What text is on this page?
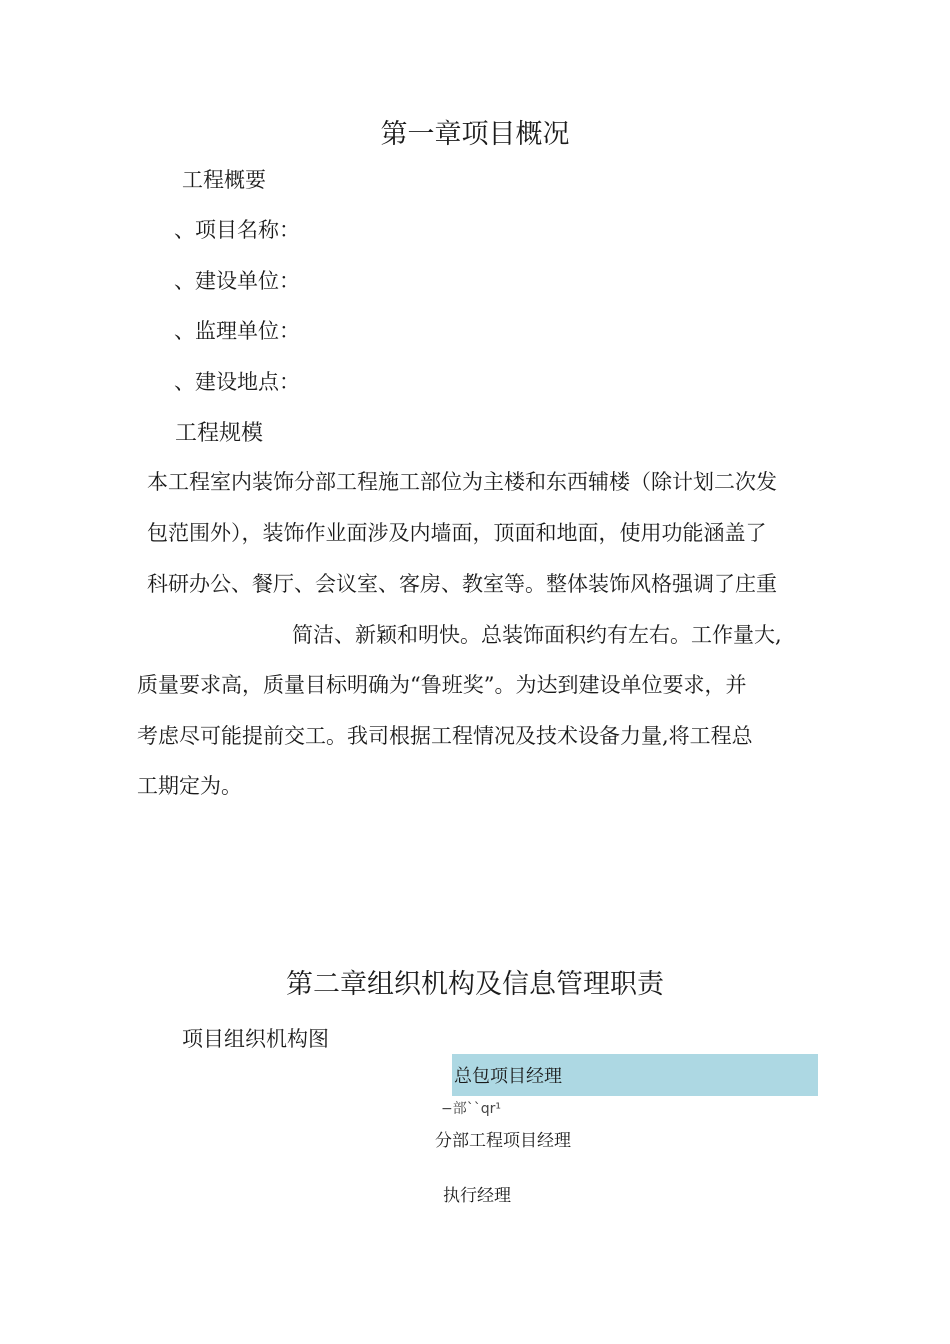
第一章项目概况
工程概要
、项目名称：
、建设单位：
、监理单位：
、建设地点：
工程规模
本工程室内装饰分部工程施工部位为主楼和东西辅楼（除计划二次发
包范围外），装饰作业面涉及内墙面，顶面和地面，使用功能涵盖了
科研办公、餐厅、会议室、客房、教室等。整体装饰风格强调了庄重
简洁、新颖和明快。总装饰面积约有左右。工作量大,
质量要求高，质量目标明确为“鲁班奖”。为达到建设单位要求，并
考虑尽可能提前交工。我司根据工程情况及技术设备力量,将工程总
工期定为。
第二章组织机构及信息管理职责
项目组织机构图
总包项目经理
−部``qr¹
分部工程项目经理
执行经理
